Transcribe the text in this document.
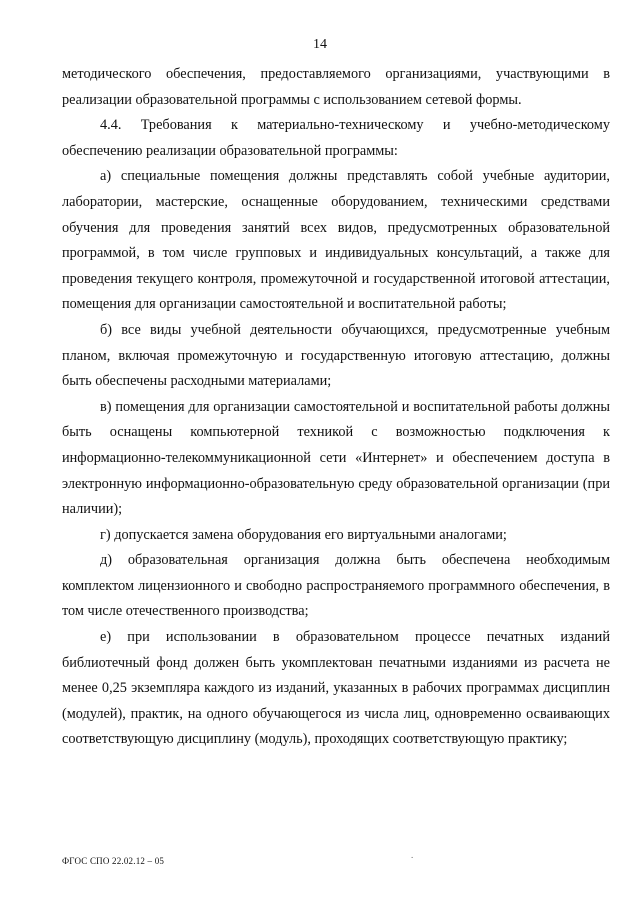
14

методического обеспечения, предоставляемого организациями, участвующими в реализации образовательной программы с использованием сетевой формы.

4.4. Требования к материально-техническому и учебно-методическому обеспечению реализации образовательной программы:

а) специальные помещения должны представлять собой учебные аудитории, лаборатории, мастерские, оснащенные оборудованием, техническими средствами обучения для проведения занятий всех видов, предусмотренных образовательной программой, в том числе групповых и индивидуальных консультаций, а также для проведения текущего контроля, промежуточной и государственной итоговой аттестации, помещения для организации самостоятельной и воспитательной работы;

б) все виды учебной деятельности обучающихся, предусмотренные учебным планом, включая промежуточную и государственную итоговую аттестацию, должны быть обеспечены расходными материалами;

в) помещения для организации самостоятельной и воспитательной работы должны быть оснащены компьютерной техникой с возможностью подключения к информационно-телекоммуникационной сети «Интернет» и обеспечением доступа в электронную информационно-образовательную среду образовательной организации (при наличии);

г) допускается замена оборудования его виртуальными аналогами;

д) образовательная организация должна быть обеспечена необходимым комплектом лицензионного и свободно распространяемого программного обеспечения, в том числе отечественного производства;

е) при использовании в образовательном процессе печатных изданий библиотечный фонд должен быть укомплектован печатными изданиями из расчета не менее 0,25 экземпляра каждого из изданий, указанных в рабочих программах дисциплин (модулей), практик, на одного обучающегося из числа лиц, одновременно осваивающих соответствующую дисциплину (модуль), проходящих соответствующую практику;

.
ФГОС СПО 22.02.12 – 05
